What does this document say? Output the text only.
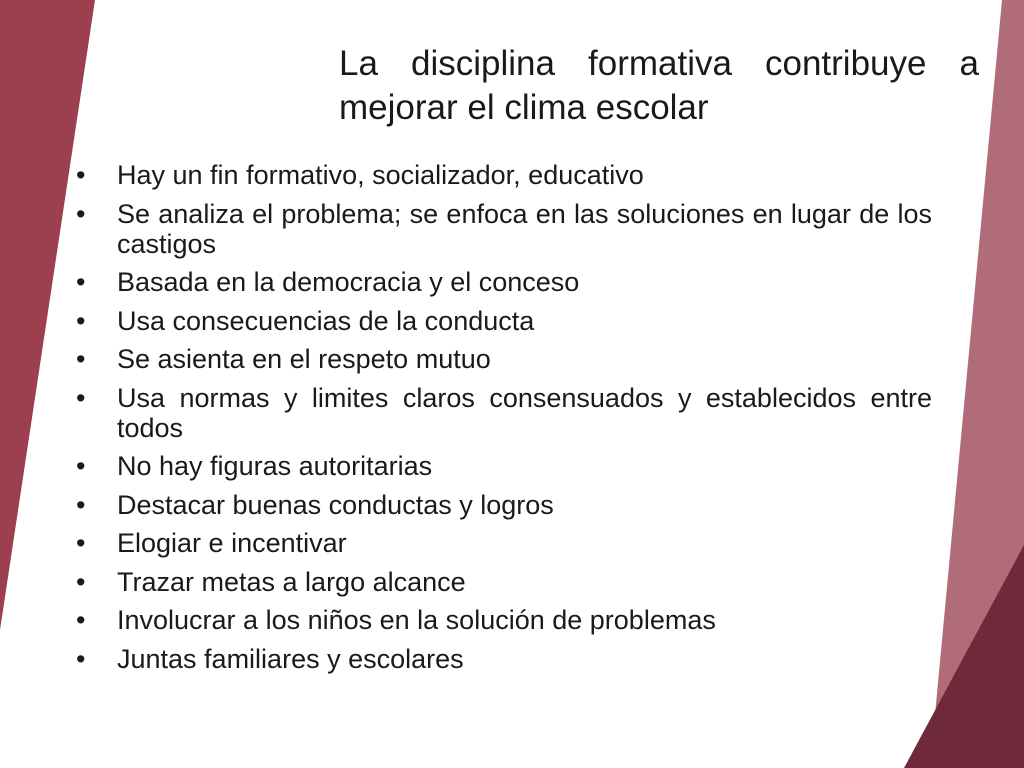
La disciplina formativa contribuye a mejorar el clima escolar
•	Hay un fin formativo, socializador, educativo
•	Se analiza el problema; se enfoca en las soluciones en lugar de los castigos
•	Basada en la democracia y el conceso
•	Usa consecuencias de la conducta
•	Se asienta en el respeto mutuo
•	Usa normas y limites claros consensuados y establecidos entre todos
•	No hay figuras autoritarias
•	Destacar buenas conductas y logros
•	Elogiar e incentivar
•	Trazar metas a largo alcance
•	Involucrar a los niños en la solución de problemas
•	Juntas familiares y escolares
